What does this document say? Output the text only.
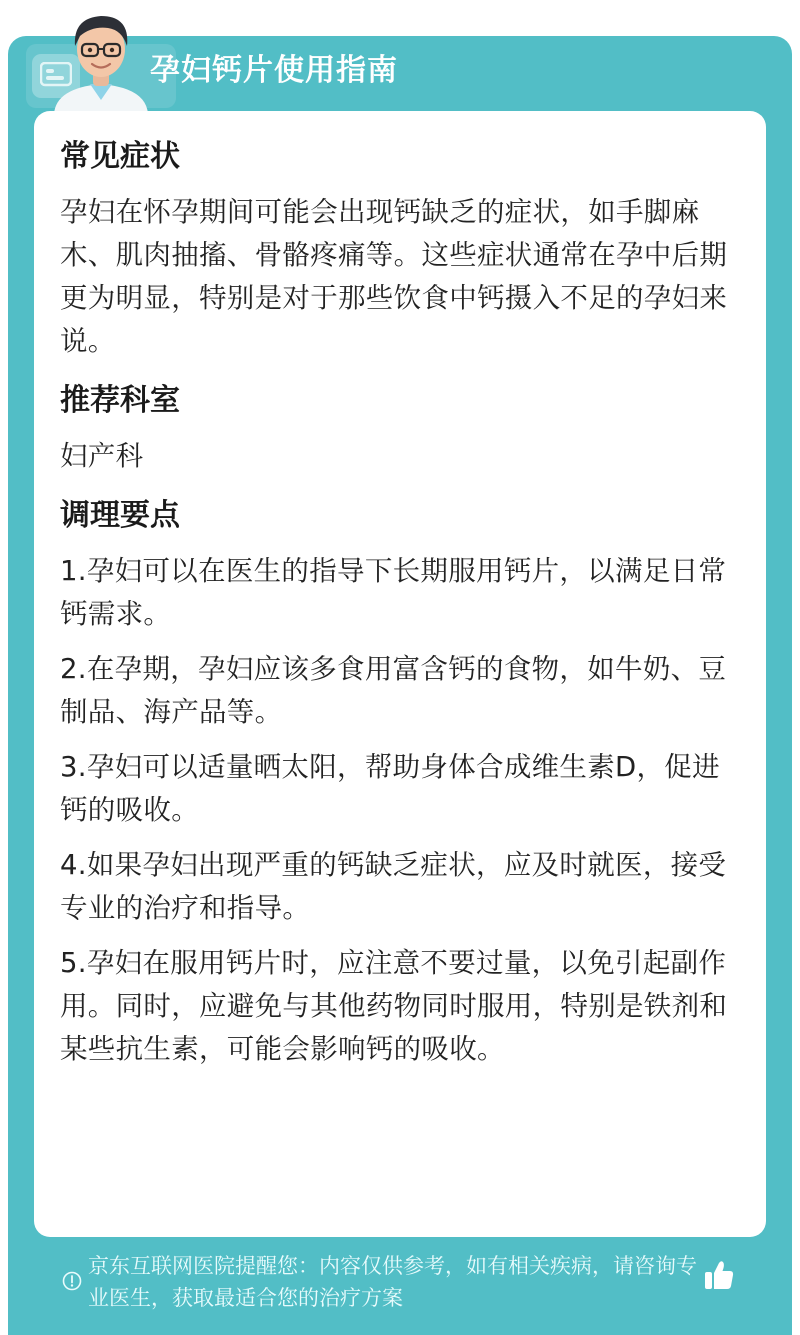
孕妇钙片使用指南
常见症状
孕妇在怀孕期间可能会出现钙缺乏的症状，如手脚麻木、肌肉抽搐、骨骼疼痛等。这些症状通常在孕中后期更为明显，特别是对于那些饮食中钙摄入不足的孕妇来说。
推荐科室
妇产科
调理要点
1.孕妇可以在医生的指导下长期服用钙片，以满足日常钙需求。
2.在孕期，孕妇应该多食用富含钙的食物，如牛奶、豆制品、海产品等。
3.孕妇可以适量晒太阳，帮助身体合成维生素D，促进钙的吸收。
4.如果孕妇出现严重的钙缺乏症状，应及时就医，接受专业的治疗和指导。
5.孕妇在服用钙片时，应注意不要过量，以免引起副作用。同时，应避免与其他药物同时服用，特别是铁剂和某些抗生素，可能会影响钙的吸收。
京东互联网医院提醒您：内容仅供参考，如有相关疾病，请咨询专业医生，获取最适合您的治疗方案
